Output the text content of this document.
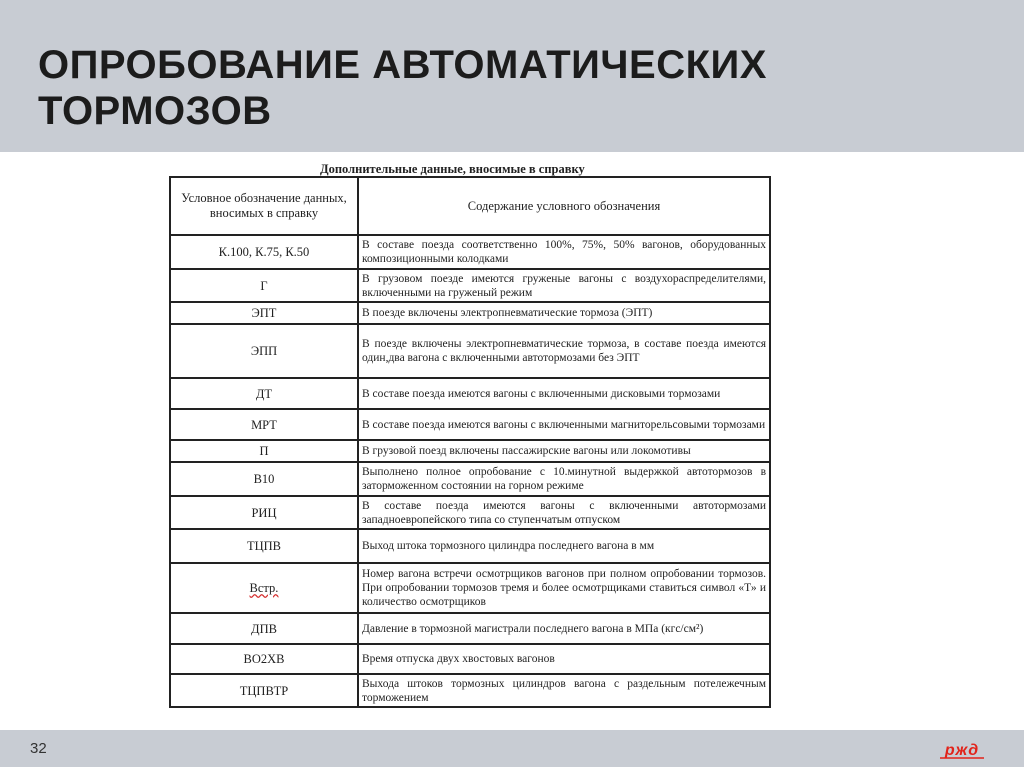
ОПРОБОВАНИЕ АВТОМАТИЧЕСКИХ ТОРМОЗОВ
Дополнительные данные, вносимые в справку
Условное обозначение данных, вносимых в справку	Содержание условного обозначения
К.100, К.75, К.50	В составе поезда соответственно 100%, 75%, 50% вагонов, оборудованных композиционными колодками
Г	В грузовом поезде имеются груженые вагоны с воздухораспределителями, включенными на груженый режим
ЭПТ	В поезде включены электропневматические тормоза (ЭПТ)
ЭПП	В поезде включены электропневматические тормоза, в составе поезда имеются один,два вагона с включенными автотормозами без ЭПТ
ДТ	В составе поезда имеются вагоны с включенными дисковыми тормозами
МРТ	В составе поезда имеются вагоны с включенными магниторельсовыми тормозами
П	В грузовой поезд включены пассажирские вагоны или локомотивы
В10	Выполнено полное опробование с 10.минутной выдержкой автотормозов в заторможенном состоянии на горном режиме
РИЦ	В составе поезда имеются вагоны с включенными автотормозами западноевропейского типа со ступенчатым отпуском
ТЦПВ	Выход штока тормозного цилиндра последнего вагона в мм
Встр.	Номер вагона встречи осмотрщиков вагонов при полном опробовании тормозов. При опробовании тормозов тремя и более осмотрщиками ставиться символ «Т» и количество осмотрщиков
ДПВ	Давление в тормозной магистрали последнего вагона в МПа (кгс/см²)
ВО2ХВ	Время отпуска двух хвостовых вагонов
ТЦПВТР	Выхода штоков тормозных цилиндров вагона с раздельным потележечным торможением
32	ржд
